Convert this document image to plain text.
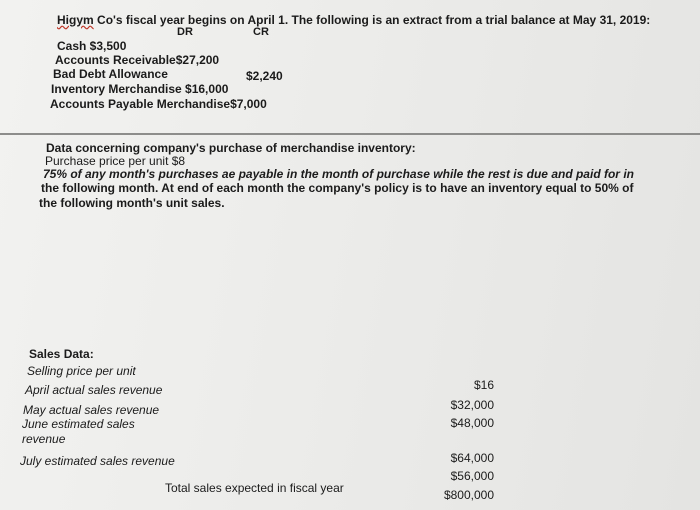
Higym Co's fiscal year begins on April 1. The following is an extract from a trial balance at May 31, 2019:
DR	CR
Cash $3,500
Accounts Receivable$27,200
Bad Debt Allowance	$2,240
Inventory Merchandise $16,000
Accounts Payable Merchandise$7,000
Data concerning company's purchase of merchandise inventory:
Purchase price per unit $8
75% of any month's purchases ae payable in the month of purchase while the rest is due and paid for in
the following month. At end of each month the company's policy is to have an inventory equal to 50% of
the following month's unit sales.
Sales Data:
Selling price per unit
April actual sales revenue
May actual sales revenue
June estimated sales
revenue
July estimated sales revenue
Total sales expected in fiscal year
$16
$32,000
$48,000
$64,000
$56,000
$800,000
